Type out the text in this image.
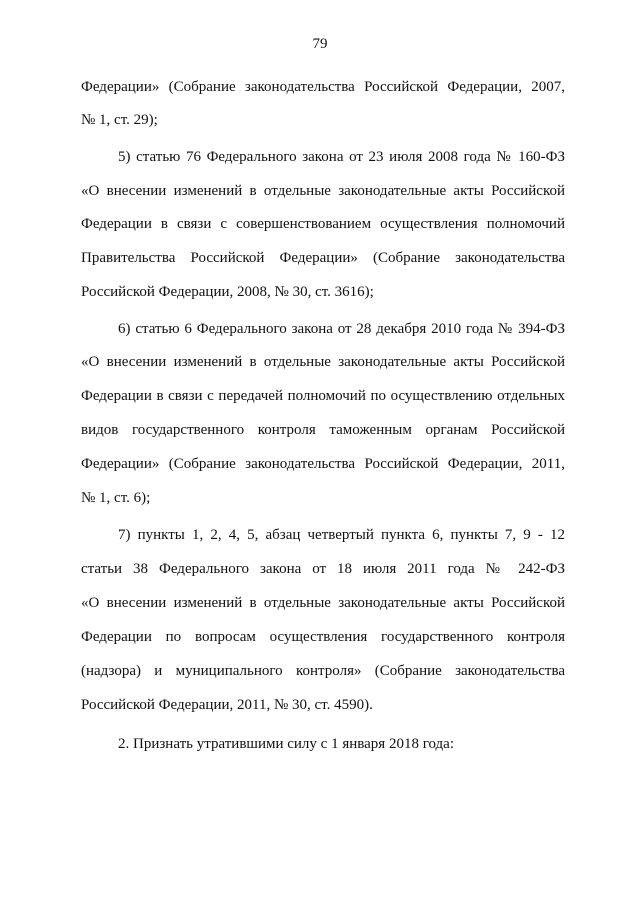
79
Федерации» (Собрание законодательства Российской Федерации, 2007,
№ 1, ст. 29);
5) статью 76 Федерального закона от 23 июля 2008 года № 160-ФЗ
«О внесении изменений в отдельные законодательные акты Российской
Федерации в связи с совершенствованием осуществления полномочий
Правительства Российской Федерации» (Собрание законодательства
Российской Федерации, 2008, № 30, ст. 3616);
6) статью 6 Федерального закона от 28 декабря 2010 года № 394-ФЗ
«О внесении изменений в отдельные законодательные акты Российской
Федерации в связи с передачей полномочий по осуществлению отдельных
видов государственного контроля таможенным органам Российской
Федерации» (Собрание законодательства Российской Федерации, 2011,
№ 1, ст. 6);
7) пункты 1, 2, 4, 5, абзац четвертый пункта 6, пункты 7, 9 - 12
статьи 38 Федерального закона от 18 июля 2011 года № 242-ФЗ
«О внесении изменений в отдельные законодательные акты Российской
Федерации по вопросам осуществления государственного контроля
(надзора) и муниципального контроля» (Собрание законодательства
Российской Федерации, 2011, № 30, ст. 4590).
2. Признать утратившими силу с 1 января 2018 года:
